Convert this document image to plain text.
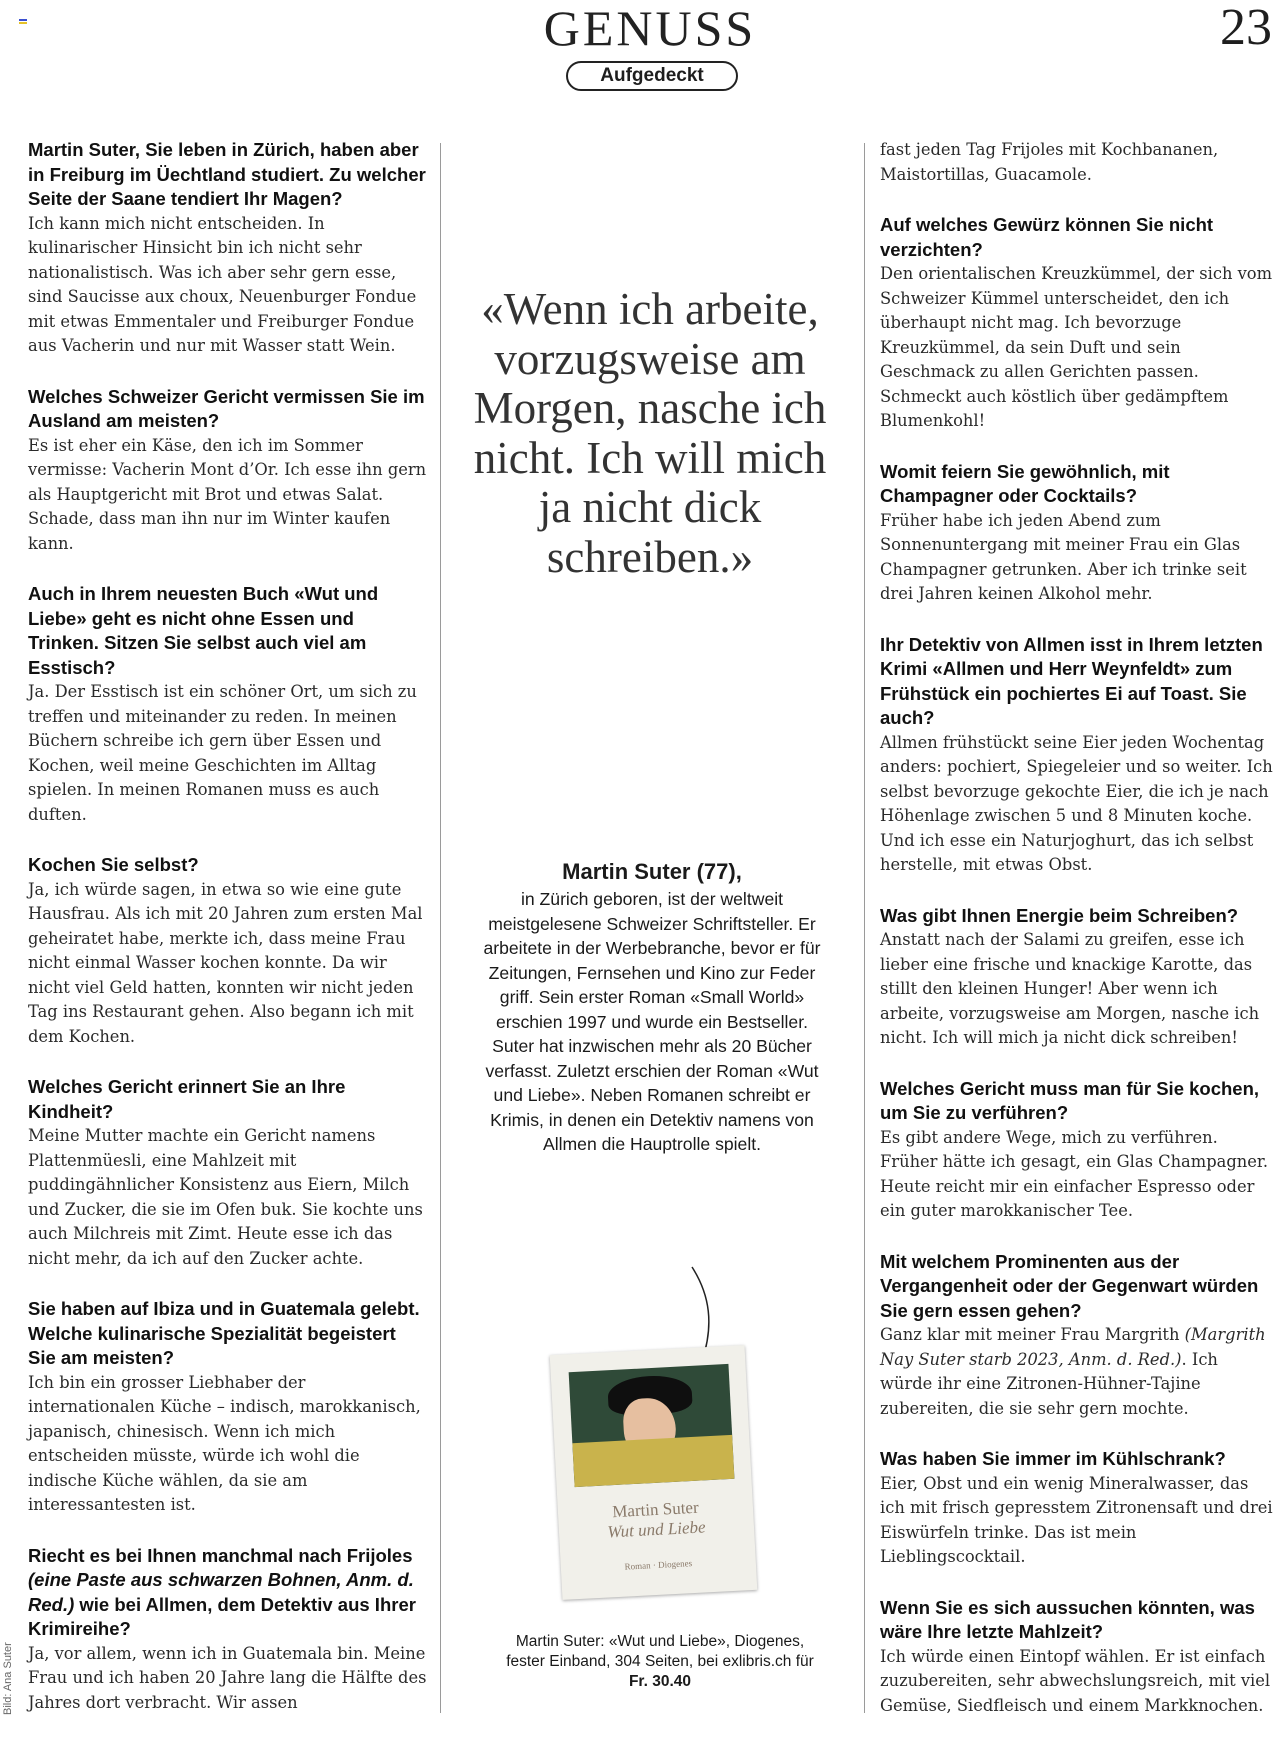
GENUSS
Aufgedeckt
23
Martin Suter, Sie leben in Zürich, haben aber in Freiburg im Üechtland studiert. Zu welcher Seite der Saane tendiert Ihr Magen?
Ich kann mich nicht entscheiden. In kulinarischer Hinsicht bin ich nicht sehr nationalistisch. Was ich aber sehr gern esse, sind Saucisse aux choux, Neuenburger Fondue mit etwas Emmentaler und Freiburger Fondue aus Vacherin und nur mit Wasser statt Wein.
Welches Schweizer Gericht vermissen Sie im Ausland am meisten?
Es ist eher ein Käse, den ich im Sommer vermisse: Vacherin Mont d’Or. Ich esse ihn gern als Hauptgericht mit Brot und etwas Salat. Schade, dass man ihn nur im Winter kaufen kann.
Auch in Ihrem neuesten Buch «Wut und Liebe» geht es nicht ohne Essen und Trinken. Sitzen Sie selbst auch viel am Esstisch?
Ja. Der Esstisch ist ein schöner Ort, um sich zu treffen und miteinander zu reden. In meinen Büchern schreibe ich gern über Essen und Kochen, weil meine Geschichten im Alltag spielen. In meinen Romanen muss es auch duften.
Kochen Sie selbst?
Ja, ich würde sagen, in etwa so wie eine gute Hausfrau. Als ich mit 20 Jahren zum ersten Mal geheiratet habe, merkte ich, dass meine Frau nicht einmal Wasser kochen konnte. Da wir nicht viel Geld hatten, konnten wir nicht jeden Tag ins Restaurant gehen. Also begann ich mit dem Kochen.
Welches Gericht erinnert Sie an Ihre Kindheit?
Meine Mutter machte ein Gericht namens Plattenmüesli, eine Mahlzeit mit puddingähnlicher Konsistenz aus Eiern, Milch und Zucker, die sie im Ofen buk. Sie kochte uns auch Milchreis mit Zimt. Heute esse ich das nicht mehr, da ich auf den Zucker achte.
Sie haben auf Ibiza und in Guatemala gelebt. Welche kulinarische Spezialität begeistert Sie am meisten?
Ich bin ein grosser Liebhaber der internationalen Küche – indisch, marokkanisch, japanisch, chinesisch. Wenn ich mich entscheiden müsste, würde ich wohl die indische Küche wählen, da sie am interessantesten ist.
Riecht es bei Ihnen manchmal nach Frijoles (eine Paste aus schwarzen Bohnen, Anm. d. Red.) wie bei Allmen, dem Detektiv aus Ihrer Krimireihe?
Ja, vor allem, wenn ich in Guatemala bin. Meine Frau und ich haben 20 Jahre lang die Hälfte des Jahres dort verbracht. Wir assen
«Wenn ich arbeite, vorzugsweise am Morgen, nasche ich nicht. Ich will mich ja nicht dick schreiben.»
Martin Suter (77),
in Zürich geboren, ist der weltweit meistgelesene Schweizer Schriftsteller. Er arbeitete in der Werbebranche, bevor er für Zeitungen, Fernsehen und Kino zur Feder griff. Sein erster Roman «Small World» erschien 1997 und wurde ein Bestseller. Suter hat inzwischen mehr als 20 Bücher verfasst. Zuletzt erschien der Roman «Wut und Liebe». Neben Romanen schreibt er Krimis, in denen ein Detektiv namens von Allmen die Hauptrolle spielt.
Martin Suter
Wut und Liebe
Roman · Diogenes
Martin Suter: «Wut und Liebe», Diogenes, fester Einband, 304 Seiten, bei exlibris.ch für Fr. 30.40
Bild: Ana Suter
fast jeden Tag Frijoles mit Kochbananen, Maistortillas, Guacamole.
Auf welches Gewürz können Sie nicht verzichten?
Den orientalischen Kreuzkümmel, der sich vom Schweizer Kümmel unterscheidet, den ich überhaupt nicht mag. Ich bevorzuge Kreuzkümmel, da sein Duft und sein Geschmack zu allen Gerichten passen. Schmeckt auch köstlich über gedämpftem Blumenkohl!
Womit feiern Sie gewöhnlich, mit Champagner oder Cocktails?
Früher habe ich jeden Abend zum Sonnenuntergang mit meiner Frau ein Glas Champagner getrunken. Aber ich trinke seit drei Jahren keinen Alkohol mehr.
Ihr Detektiv von Allmen isst in Ihrem letzten Krimi «Allmen und Herr Weynfeldt» zum Frühstück ein pochiertes Ei auf Toast. Sie auch?
Allmen frühstückt seine Eier jeden Wochentag anders: pochiert, Spiegeleier und so weiter. Ich selbst bevorzuge gekochte Eier, die ich je nach Höhenlage zwischen 5 und 8 Minuten koche. Und ich esse ein Naturjoghurt, das ich selbst herstelle, mit etwas Obst.
Was gibt Ihnen Energie beim Schreiben?
Anstatt nach der Salami zu greifen, esse ich lieber eine frische und knackige Karotte, das stillt den kleinen Hunger! Aber wenn ich arbeite, vorzugsweise am Morgen, nasche ich nicht. Ich will mich ja nicht dick schreiben!
Welches Gericht muss man für Sie kochen, um Sie zu verführen?
Es gibt andere Wege, mich zu verführen. Früher hätte ich gesagt, ein Glas Champagner. Heute reicht mir ein einfacher Espresso oder ein guter marokkanischer Tee.
Mit welchem Prominenten aus der Vergangenheit oder der Gegenwart würden Sie gern essen gehen?
Ganz klar mit meiner Frau Margrith (Margrith Nay Suter starb 2023, Anm. d. Red.). Ich würde ihr eine Zitronen-Hühner-Tajine zubereiten, die sie sehr gern mochte.
Was haben Sie immer im Kühlschrank?
Eier, Obst und ein wenig Mineralwasser, das ich mit frisch gepresstem Zitronensaft und drei Eiswürfeln trinke. Das ist mein Lieblingscocktail.
Wenn Sie es sich aussuchen könnten, was wäre Ihre letzte Mahlzeit?
Ich würde einen Eintopf wählen. Er ist einfach zuzubereiten, sehr abwechslungsreich, mit viel Gemüse, Siedfleisch und einem Markknochen.
